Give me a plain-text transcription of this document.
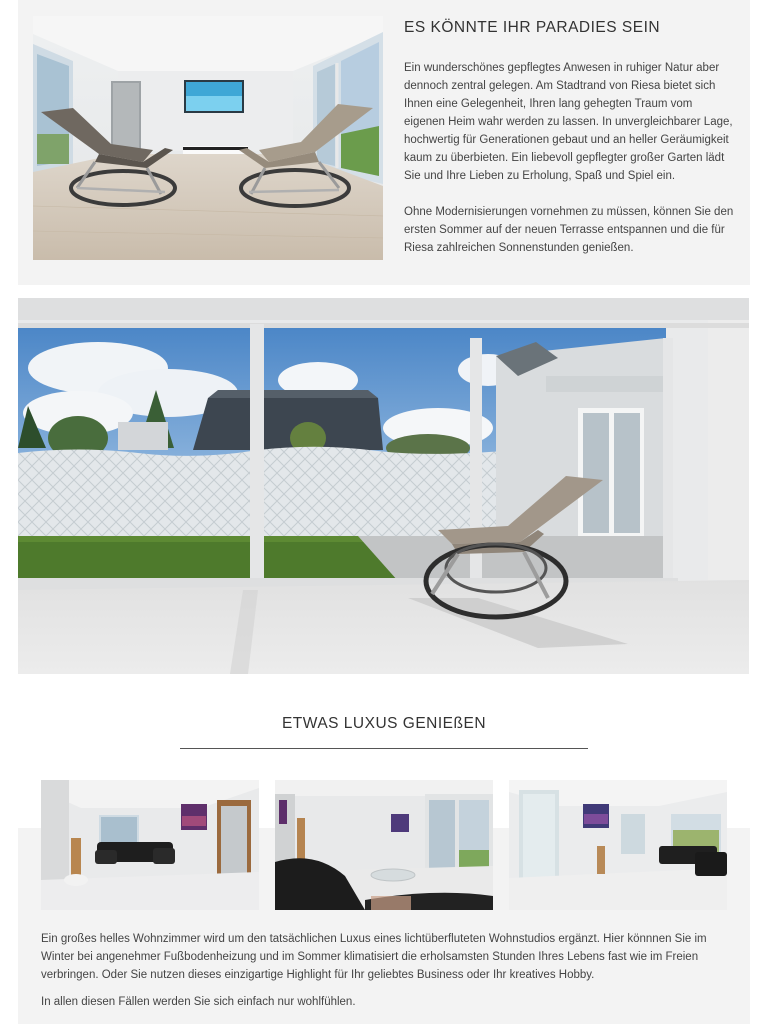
ES KÖNNTE IHR PARADIES SEIN

Ein wunderschönes gepflegtes Anwesen in ruhiger Natur aber dennoch zentral gelegen. Am Stadtrand von Riesa bietet sich Ihnen eine Gelegenheit, Ihren lang gehegten Traum vom eigenen Heim wahr werden zu lassen. In unvergleichbarer Lage, hochwertig für Generationen gebaut und an heller Geräumigkeit kaum zu überbieten. Ein liebevoll gepflegter großer Garten lädt Sie und Ihre Lieben zu Erholung, Spaß und Spiel ein.

Ohne Modernisierungen vornehmen zu müssen, können Sie den ersten Sommer auf der neuen Terrasse entspannen und die für Riesa zahlreichen Sonnenstunden genießen.

ETWAS LUXUS GENIEßEN

Ein großes helles Wohnzimmer wird um den tatsächlichen Luxus eines lichtüberfluteten Wohnstudios ergänzt. Hier könnnen Sie im Winter bei angenehmer Fußbodenheizung und im Sommer klimatisiert die erholsamsten Stunden Ihres Lebens fast wie im Freien verbringen. Oder Sie nutzen dieses einzigartige Highlight für Ihr geliebtes Business oder Ihr kreatives Hobby.

In allen diesen Fällen werden Sie sich einfach nur wohlfühlen.
